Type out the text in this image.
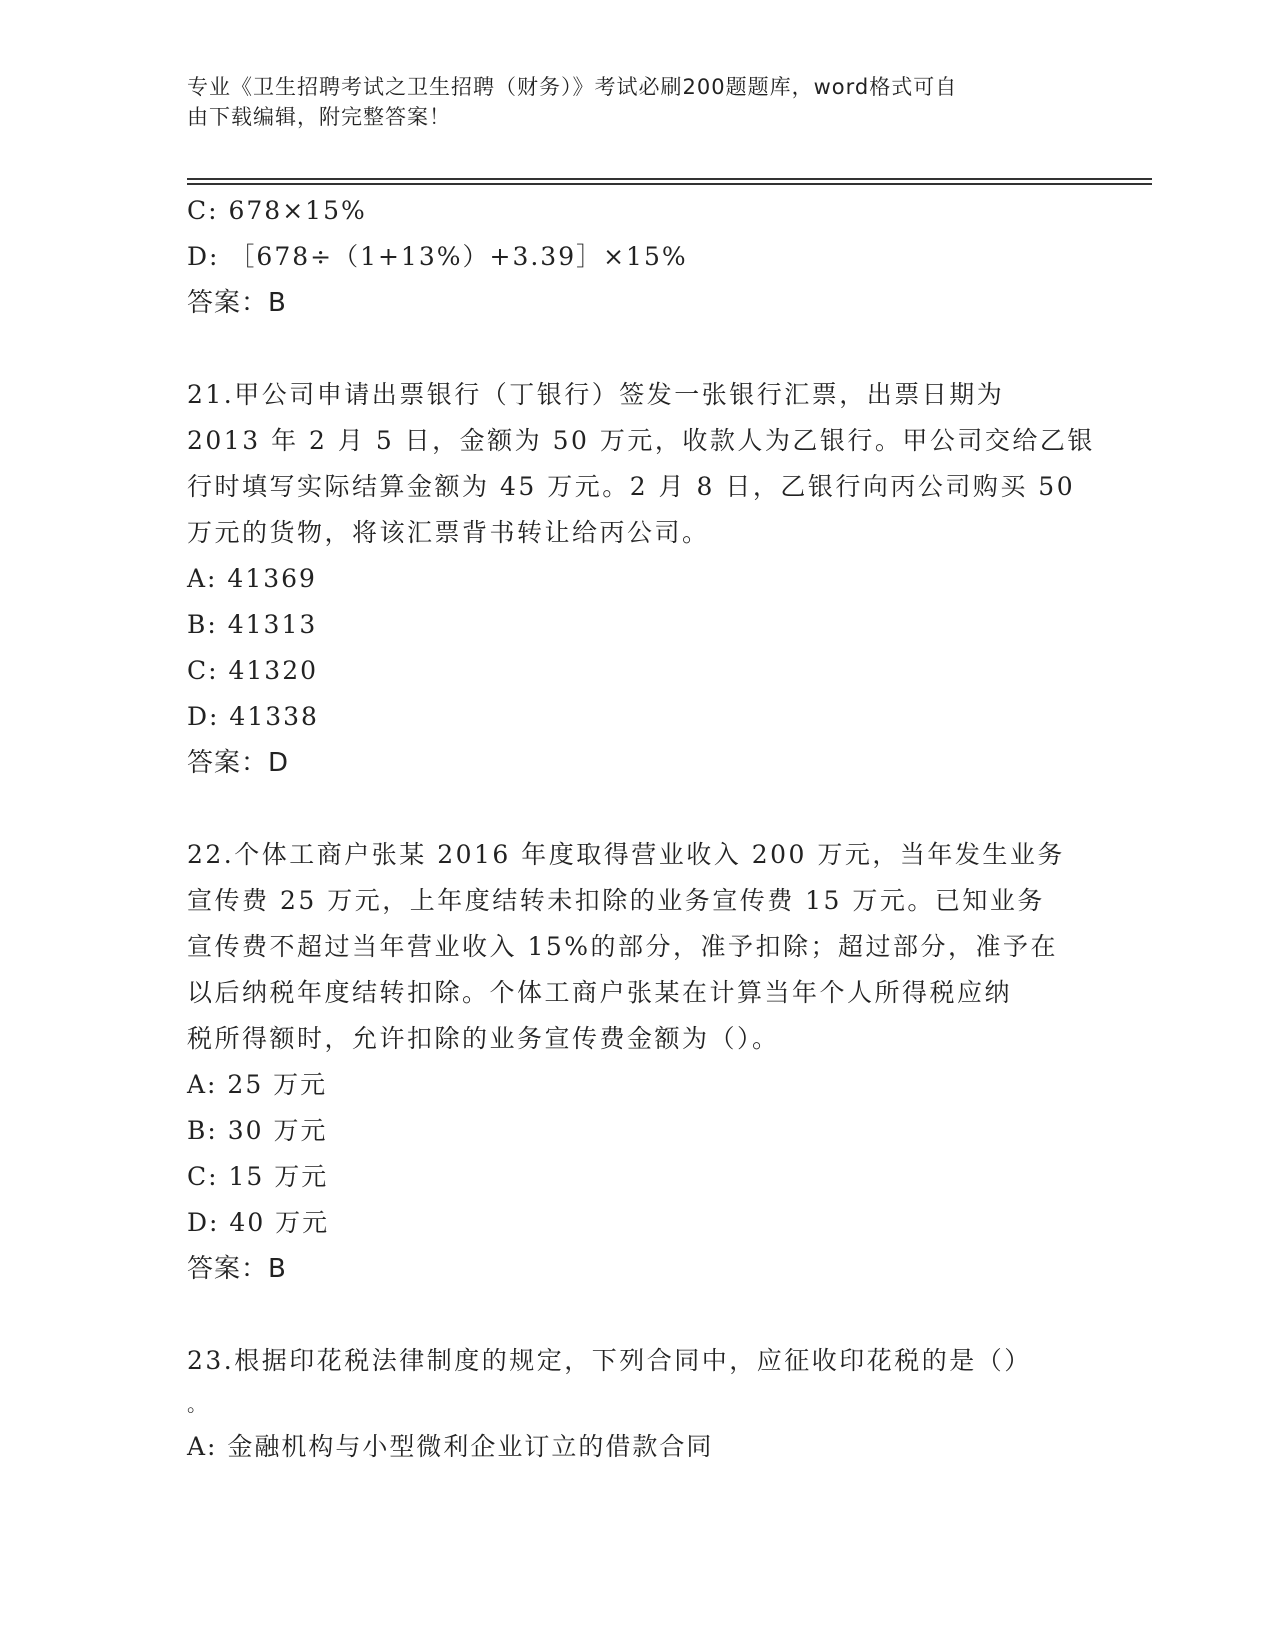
专业《卫生招聘考试之卫生招聘（财务）》考试必刷200题题库，word格式可自
由下载编辑，附完整答案！
C: 678×15%
D: ［678÷（1+13%）+3.39］×15%
答案：B
21.甲公司申请出票银行（丁银行）签发一张银行汇票，出票日期为
2013 年 2 月 5 日，金额为 50 万元，收款人为乙银行。甲公司交给乙银
行时填写实际结算金额为 45 万元。2 月 8 日，乙银行向丙公司购买 50
万元的货物，将该汇票背书转让给丙公司。
A: 41369
B: 41313
C: 41320
D: 41338
答案：D
22.个体工商户张某 2016 年度取得营业收入 200 万元，当年发生业务
宣传费 25 万元，上年度结转未扣除的业务宣传费 15 万元。已知业务
宣传费不超过当年营业收入 15%的部分，准予扣除；超过部分，准予在
以后纳税年度结转扣除。个体工商户张某在计算当年个人所得税应纳
税所得额时，允许扣除的业务宣传费金额为（）。
A: 25 万元
B: 30 万元
C: 15 万元
D: 40 万元
答案：B
23.根据印花税法律制度的规定，下列合同中，应征收印花税的是（）
。
A: 金融机构与小型微利企业订立的借款合同
